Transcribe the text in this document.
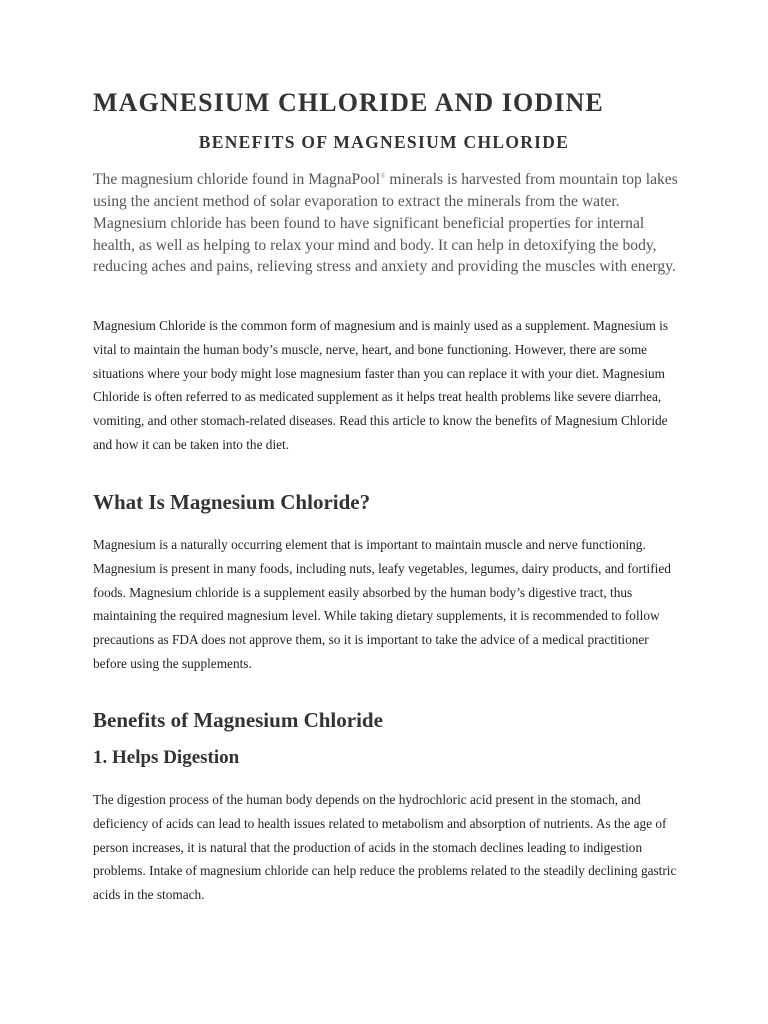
MAGNESIUM CHLORIDE AND IODINE
BENEFITS OF MAGNESIUM CHLORIDE

The magnesium chloride found in MagnaPool® minerals is harvested from mountain top lakes using the ancient method of solar evaporation to extract the minerals from the water. Magnesium chloride has been found to have significant beneficial properties for internal health, as well as helping to relax your mind and body. It can help in detoxifying the body, reducing aches and pains, relieving stress and anxiety and providing the muscles with energy.

Magnesium Chloride is the common form of magnesium and is mainly used as a supplement. Magnesium is vital to maintain the human body’s muscle, nerve, heart, and bone functioning. However, there are some situations where your body might lose magnesium faster than you can replace it with your diet. Magnesium Chloride is often referred to as medicated supplement as it helps treat health problems like severe diarrhea, vomiting, and other stomach-related diseases. Read this article to know the benefits of Magnesium Chloride and how it can be taken into the diet.

What Is Magnesium Chloride?

Magnesium is a naturally occurring element that is important to maintain muscle and nerve functioning. Magnesium is present in many foods, including nuts, leafy vegetables, legumes, dairy products, and fortified foods. Magnesium chloride is a supplement easily absorbed by the human body’s digestive tract, thus maintaining the required magnesium level. While taking dietary supplements, it is recommended to follow precautions as FDA does not approve them, so it is important to take the advice of a medical practitioner before using the supplements.

Benefits of Magnesium Chloride
1. Helps Digestion

The digestion process of the human body depends on the hydrochloric acid present in the stomach, and deficiency of acids can lead to health issues related to metabolism and absorption of nutrients. As the age of person increases, it is natural that the production of acids in the stomach declines leading to indigestion problems. Intake of magnesium chloride can help reduce the problems related to the steadily declining gastric acids in the stomach.
